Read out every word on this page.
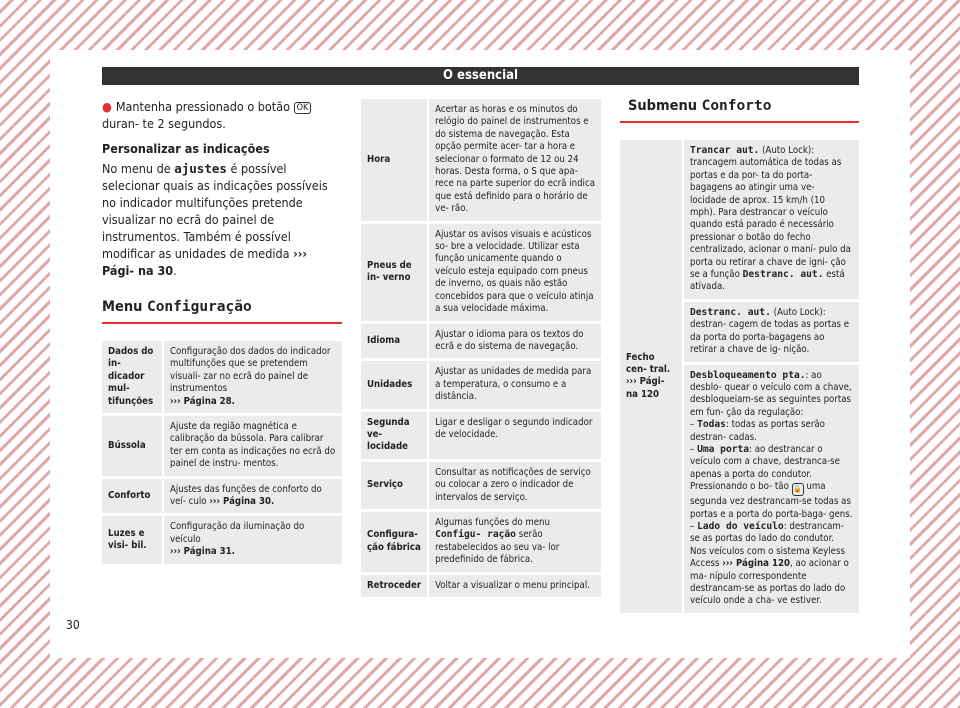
O essencial

● Mantenha pressionado o botão OK duran- te 2 segundos.

Personalizar as indicações

No menu de ajustes é possível selecionar quais as indicações possíveis no indicador multifunções pretende visualizar no ecrã do painel de instrumentos. Também é possível modificar as unidades de medida ››› Pági- na 30.

Menu Configuração
Dados do in- dicador mul- tifunções	Configuração dos dados do indicador multifunções que se pretendem visuali- zar no ecrã do painel de instrumentos
››› Página 28.
Bússola	Ajuste da região magnética e calibração da bússola. Para calibrar ter em conta as indicações no ecrã do painel de instru- mentos.
Conforto	Ajustes das funções de conforto do veí- culo ››› Página 30.
Luzes e visi- bil.	Configuração da iluminação do veículo
››› Página 31.
Hora	Acertar as horas e os minutos do relógio do painel de instrumentos e do sistema de navegação. Esta opção permite acer- tar a hora e selecionar o formato de 12 ou 24 horas. Desta forma, o S que apa- rece na parte superior do ecrã indica que está definido para o horário de ve- rão.
Pneus de in- verno	Ajustar os avisos visuais e acústicos so- bre a velocidade. Utilizar esta função unicamente quando o veículo esteja equipado com pneus de inverno, os quais não estão concebidos para que o veículo atinja a sua velocidade máxima.
Idioma	Ajustar o idioma para os textos do ecrã e do sistema de navegação.
Unidades	Ajustar as unidades de medida para a temperatura, o consumo e a distância.
Segunda ve- locidade	Ligar e desligar o segundo indicador de velocidade.
Serviço	Consultar as notificações de serviço ou colocar a zero o indicador de intervalos de serviço.
Configura- ção fábrica	Algumas funções do menu Configu- ração serão restabelecidos ao seu va- lor predefinido de fábrica.
Retroceder	Voltar a visualizar o menu principal.
Submenu Conforto
Fecho cen- tral.
››› Pági- na 120	Trancar aut. (Auto Lock): trancagem automática de todas as portas e da por- ta do porta-bagagens ao atingir uma ve- locidade de aprox. 15 km/h (10 mph). Para destrancar o veículo quando está parado é necessário pressionar o botão do fecho centralizado, acionar o maní- pulo da porta ou retirar a chave de igni- ção se a função Destranc. aut. está ativada.
Destranc. aut. (Auto Lock): destran- cagem de todas as portas e da porta do porta-bagagens ao retirar a chave de ig- nição.
Desbloqueamento pta.: ao desblo- quear o veículo com a chave, desbloqueiam-se as seguintes portas em fun- ção da regulação:
– Todas: todas as portas serão destran- cadas.
– Uma porta: ao destrancar o veículo com a chave, destranca-se apenas a porta do condutor. Pressionando o bo- tão 🔓 uma segunda vez destrancam-se todas as portas e a porta do porta-baga- gens.
– Lado do veículo: destrancam-se as portas do lado do condutor.
Nos veículos com o sistema Keyless Access ››› Página 120, ao acionar o ma- nípulo correspondente destrancam-se as portas do lado do veículo onde a cha- ve estiver.
30
